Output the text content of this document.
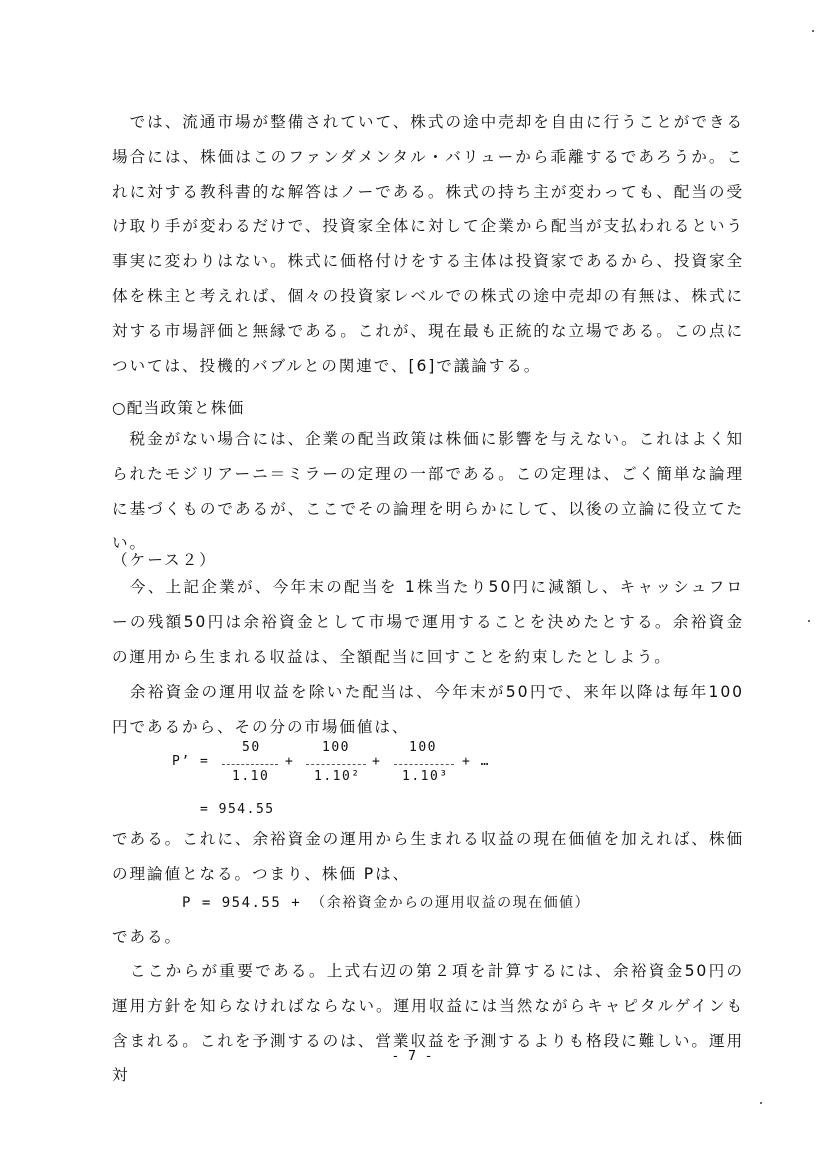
　では、流通市場が整備されていて、株式の途中売却を自由に行うことができる場合には、株価はこのファンダメンタル・バリューから乖離するであろうか。これに対する教科書的な解答はノーである。株式の持ち主が変わっても、配当の受け取り手が変わるだけで、投資家全体に対して企業から配当が支払われるという事実に変わりはない。株式に価格付けをする主体は投資家であるから、投資家全体を株主と考えれば、個々の投資家レベルでの株式の途中売却の有無は、株式に対する市場評価と無縁である。これが、現在最も正統的な立場である。この点については、投機的バブルとの関連で、[6]で議論する。

○配当政策と株価

　税金がない場合には、企業の配当政策は株価に影響を与えない。これはよく知られたモジリアーニ＝ミラーの定理の一部である。この定理は、ごく簡単な論理に基づくものであるが、ここでその論理を明らかにして、以後の立論に役立てたい。

（ケース２）

　今、上記企業が、今年末の配当を 1株当たり50円に減額し、キャッシュフローの残額50円は余裕資金として市場で運用することを決めたとする。余裕資金の運用から生まれる収益は、全額配当に回すことを約束したとしよう。

　余裕資金の運用収益を除いた配当は、今年末が50円で、来年以降は毎年100円であるから、その分の市場価値は、

P’ =
50
1.10
+
100
1.10²
+
100
1.10³
+ …
= 954.55

である。これに、余裕資金の運用から生まれる収益の現在価値を加えれば、株価の理論値となる。つまり、株価 Pは、

P = 954.55 + （余裕資金からの運用収益の現在価値）

である。

　ここからが重要である。上式右辺の第２項を計算するには、余裕資金50円の運用方針を知らなければならない。運用収益には当然ながらキャピタルゲインも含まれる。これを予測するのは、営業収益を予測するよりも格段に難しい。運用対

- 7 -
